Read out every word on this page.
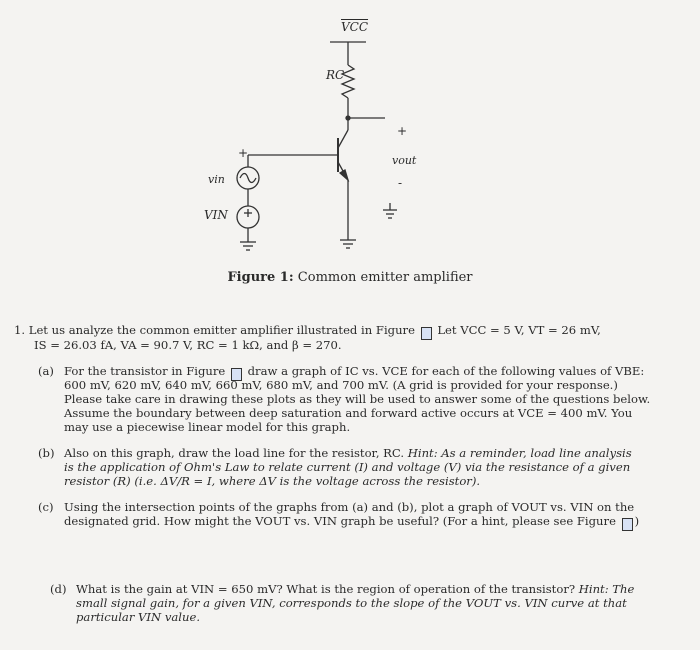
$\overline{VCC}$
RC
+
vout
-
+
vin
VIN
Figure 1: Common emitter amplifier
1. Let us analyze the common emitter amplifier illustrated in Figure Let VCC = 5 V, VT = 26 mV,
IS = 26.03 fA, VA = 90.7 V, RC = 1 kΩ, and β = 270.
(a) For the transistor in Figure draw a graph of IC vs. VCE for each of the following values of VBE:
600 mV, 620 mV, 640 mV, 660 mV, 680 mV, and 700 mV. (A grid is provided for your response.)
Please take care in drawing these plots as they will be used to answer some of the questions below.
Assume the boundary between deep saturation and forward active occurs at VCE = 400 mV. You
may use a piecewise linear model for this graph.
(b) Also on this graph, draw the load line for the resistor, RC. Hint: As a reminder, load line analysis
is the application of Ohm's Law to relate current (I) and voltage (V) via the resistance of a given
resistor (R) (i.e. ΔV/R = I, where ΔV is the voltage across the resistor).
(c) Using the intersection points of the graphs from (a) and (b), plot a graph of VOUT vs. VIN on the
designated grid. How might the VOUT vs. VIN graph be useful? (For a hint, please see Figure )
(d) What is the gain at VIN = 650 mV? What is the region of operation of the transistor? Hint: The
small signal gain, for a given VIN, corresponds to the slope of the VOUT vs. VIN curve at that
particular VIN value.
